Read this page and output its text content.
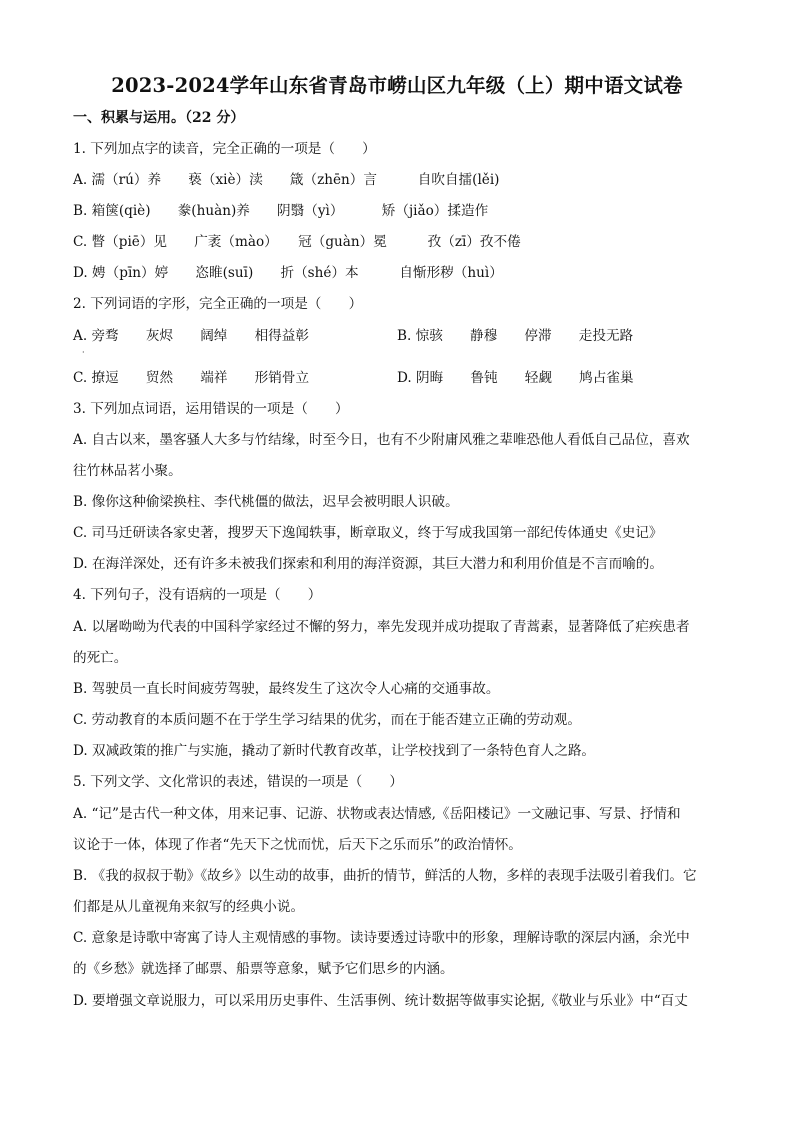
2023-2024学年山东省青岛市崂山区九年级（上）期中语文试卷
一、积累与运用。（22 分）
1. 下列加点字的读音，完全正确的一项是（　　）
A. 濡（rú）养　　亵（xiè）渎　　箴（zhēn）言　　　自吹自擂(lěi)
B. 箱箧(qiè)　　豢(huàn)养　　阴翳（yì）　　　 矫（jiǎo）揉造作
C. 瞥（piē）见　　广袤（mào）　　冠（guàn）冕　　　孜（zī）孜不倦
D. 娉（pīn）婷　　恣睢(suī)　　折（shé）本　　　自惭形秽（huì）
2. 下列词语的字形，完全正确的一项是（　　）
A. 旁骛　　灰烬　　阔绰　　相得益彰
·
B. 惊骇　　静穆　　停滞　　走投无路
C. 撩逗　　贸然　　端祥　　形销骨立	D. 阴晦　　鲁钝　　轻觑　　鸠占雀巢
3. 下列加点词语，运用错误的一项是（　　）
A. 自古以来，墨客骚人大多与竹结缘，时至今日，也有不少附庸风雅之辈唯恐他人看低自己品位，喜欢
往竹林品茗小聚。
B. 像你这种偷梁换柱、李代桃僵的做法，迟早会被明眼人识破。
C. 司马迁研读各家史著，搜罗天下逸闻轶事，断章取义，终于写成我国第一部纪传体通史《史记》
D. 在海洋深处，还有许多未被我们探索和利用的海洋资源，其巨大潜力和利用价值是不言而喻的。
4. 下列句子，没有语病的一项是（　　）
A. 以屠呦呦为代表的中国科学家经过不懈的努力，率先发现并成功提取了青蒿素，显著降低了疟疾患者
的死亡。
B. 驾驶员一直长时间疲劳驾驶，最终发生了这次令人心痛的交通事故。
C. 劳动教育的本质问题不在于学生学习结果的优劣，而在于能否建立正确的劳动观。
D. 双减政策的推广与实施，撬动了新时代教育改革，让学校找到了一条特色育人之路。
5. 下列文学、文化常识的表述，错误的一项是（　　）
A. “记”是古代一种文体，用来记事、记游、状物或表达情感,《岳阳楼记》一文融记事、写景、抒情和
议论于一体，体现了作者“先天下之忧而忧，后天下之乐而乐”的政治情怀。
B. 《我的叔叔于勒》《故乡》以生动的故事，曲折的情节，鲜活的人物，多样的表现手法吸引着我们。它
们都是从儿童视角来叙写的经典小说。
C. 意象是诗歌中寄寓了诗人主观情感的事物。读诗要透过诗歌中的形象，理解诗歌的深层内涵，余光中
的《乡愁》就选择了邮票、船票等意象，赋予它们思乡的内涵。
D. 要增强文章说服力，可以采用历史事件、生活事例、统计数据等做事实论据,《敬业与乐业》中“百丈
